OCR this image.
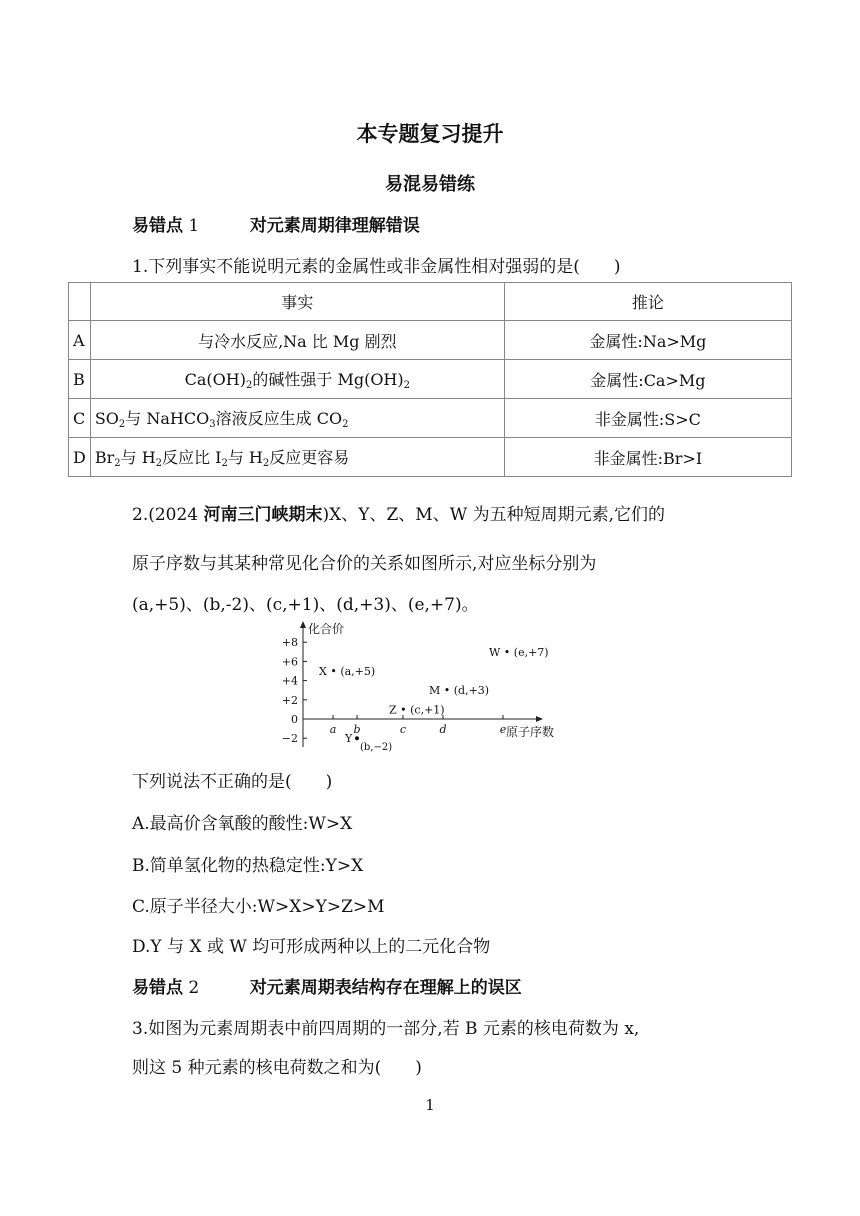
本专题复习提升
易混易错练
易错点 1	对元素周期律理解错误
1.下列事实不能说明元素的金属性或非金属性相对强弱的是(　　)
	事实	推论
A	与冷水反应,Na 比 Mg 剧烈	金属性:Na>Mg
B	$Ca(OH)_2$的碱性强于 $Mg(OH)_2$	金属性:Ca>Mg
C	$SO_2$与 NaHCO$_3$溶液反应生成 $CO_2$	非金属性:S>C
D	$Br_2$与 $H_2$反应比 $I_2$与 $H_2$反应更容易	非金属性:Br>I
2.(2024 河南三门峡期末)X、Y、Z、M、W 为五种短周期元素,它们的
原子序数与其某种常见化合价的关系如图所示,对应坐标分别为
(a,+5)、(b,-2)、(c,+1)、(d,+3)、(e,+7)。
化合价
原子序数
+8
+6
+4
+2
0
−2
a b	c	d	e
X • (a,+5)
Y
(b,−2)
Z • (c,+1)
M • (d,+3)
W • (e,+7)
下列说法不正确的是(　　)
A.最高价含氧酸的酸性:W>X
B.简单氢化物的热稳定性:Y>X
C.原子半径大小:W>X>Y>Z>M
D.Y 与 X 或 W 均可形成两种以上的二元化合物
易错点 2	对元素周期表结构存在理解上的误区
3.如图为元素周期表中前四周期的一部分,若 B 元素的核电荷数为 x,
则这 5 种元素的核电荷数之和为(　　)
1
